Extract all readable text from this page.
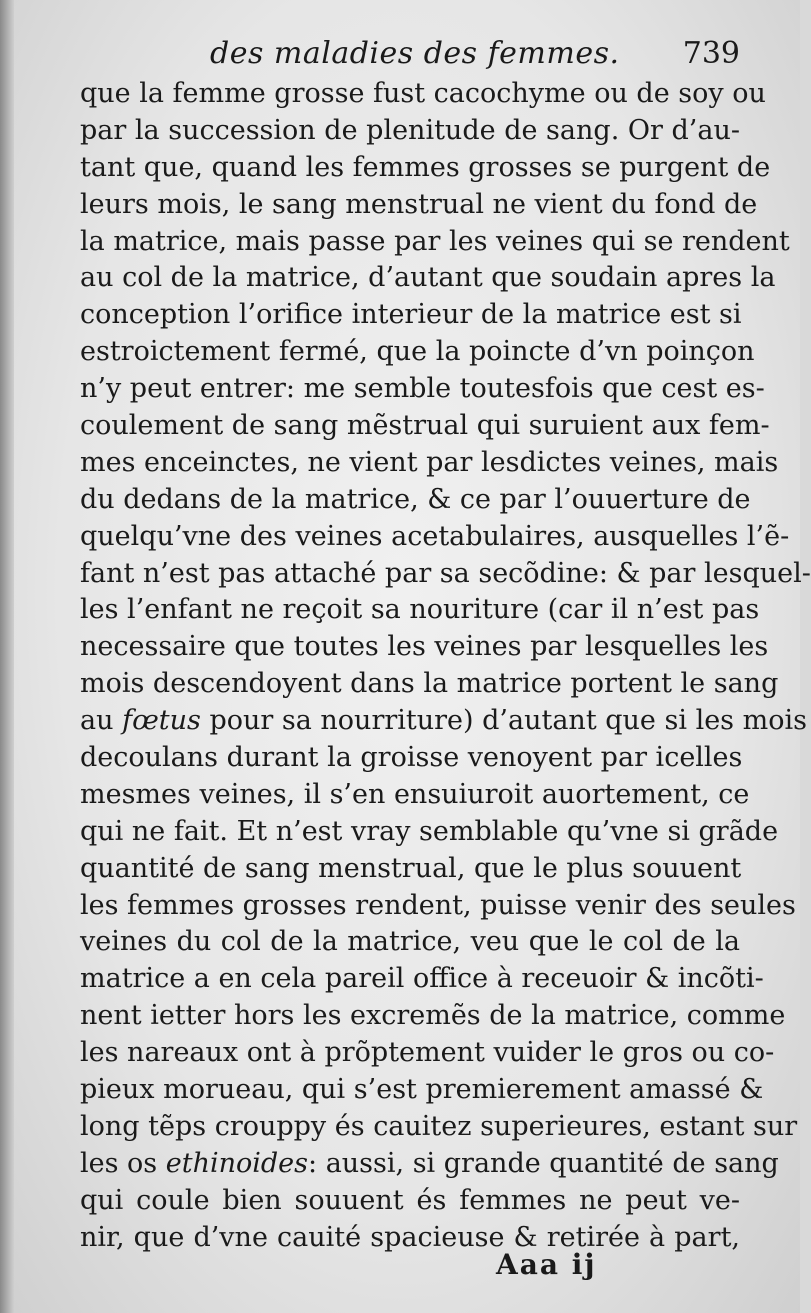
des maladies des femmes. 739
que la femme grosse fust cacochyme ou de soy ou
par la succession de plenitude de sang. Or d’au-
tant que, quand les femmes grosses se purgent de
leurs mois, le sang menstrual ne vient du fond de
la matrice, mais passe par les veines qui se rendent
au col de la matrice, d’autant que soudain apres la
conception l’orifice interieur de la matrice est si
estroictement fermé, que la poincte d’vn poinçon
n’y peut entrer: me semble toutesfois que cest es-
coulement de sang mẽstrual qui suruient aux fem-
mes enceinctes, ne vient par lesdictes veines, mais
du dedans de la matrice, & ce par l’ouuerture de
quelqu’vne des veines acetabulaires, ausquelles l’ẽ-
fant n’est pas attaché par sa secõdine: & par lesquel-
les l’enfant ne reçoit sa nouriture (car il n’est pas
necessaire que toutes les veines par lesquelles les
mois descendoyent dans la matrice portent le sang
au fœtus pour sa nourriture) d’autant que si les mois
decoulans durant la groisse venoyent par icelles
mesmes veines, il s’en ensuiuroit auortement, ce
qui ne fait. Et n’est vray semblable qu’vne si grãde
quantité de sang menstrual, que le plus souuent
les femmes grosses rendent, puisse venir des seules
veines du col de la matrice, veu que le col de la
matrice a en cela pareil office à receuoir & incõti-
nent ietter hors les excremẽs de la matrice, comme
les nareaux ont à prõptement vuider le gros ou co-
pieux morueau, qui s’est premierement amassé &
long tẽps crouppy és cauitez superieures, estant sur
les os ethinoides: aussi, si grande quantité de sang
qui coule bien souuent és femmes ne peut ve-
nir, que d’vne cauité spacieuse & retirée à part,
Aaa ij
